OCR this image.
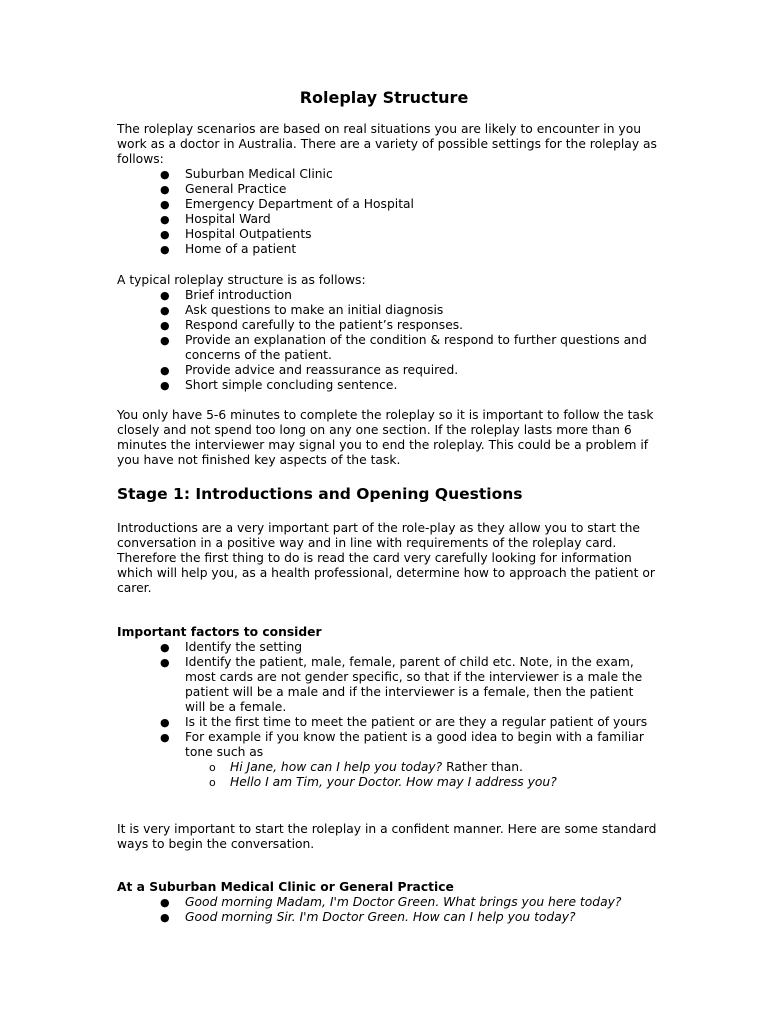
Roleplay Structure

The roleplay scenarios are based on real situations you are likely to encounter in you work as a doctor in Australia. There are a variety of possible settings for the roleplay as follows:

● Suburban Medical Clinic
● General Practice
● Emergency Department of a Hospital
● Hospital Ward
● Hospital Outpatients
● Home of a patient

A typical roleplay structure is as follows:

● Brief introduction
● Ask questions to make an initial diagnosis
● Respond carefully to the patient’s responses.
● Provide an explanation of the condition & respond to further questions and concerns of the patient.
● Provide advice and reassurance as required.
● Short simple concluding sentence.

You only have 5-6 minutes to complete the roleplay so it is important to follow the task closely and not spend too long on any one section. If the roleplay lasts more than 6 minutes the interviewer may signal you to end the roleplay. This could be a problem if you have not finished key aspects of the task.

Stage 1: Introductions and Opening Questions

Introductions are a very important part of the role-play as they allow you to start the conversation in a positive way and in line with requirements of the roleplay card. Therefore the first thing to do is read the card very carefully looking for information which will help you, as a health professional, determine how to approach the patient or carer.

Important factors to consider
● Identify the setting
● Identify the patient, male, female, parent of child etc. Note, in the exam, most cards are not gender specific, so that if the interviewer is a male the patient will be a male and if the interviewer is a female, then the patient will be a female.
● Is it the first time to meet the patient or are they a regular patient of yours
● For example if you know the patient is a good idea to begin with a familiar tone such as
o Hi Jane, how can I help you today? Rather than.
o Hello I am Tim, your Doctor. How may I address you?

It is very important to start the roleplay in a confident manner. Here are some standard ways to begin the conversation.

At a Suburban Medical Clinic or General Practice
● Good morning Madam, I'm Doctor Green. What brings you here today?
● Good morning Sir. I'm Doctor Green. How can I help you today?
